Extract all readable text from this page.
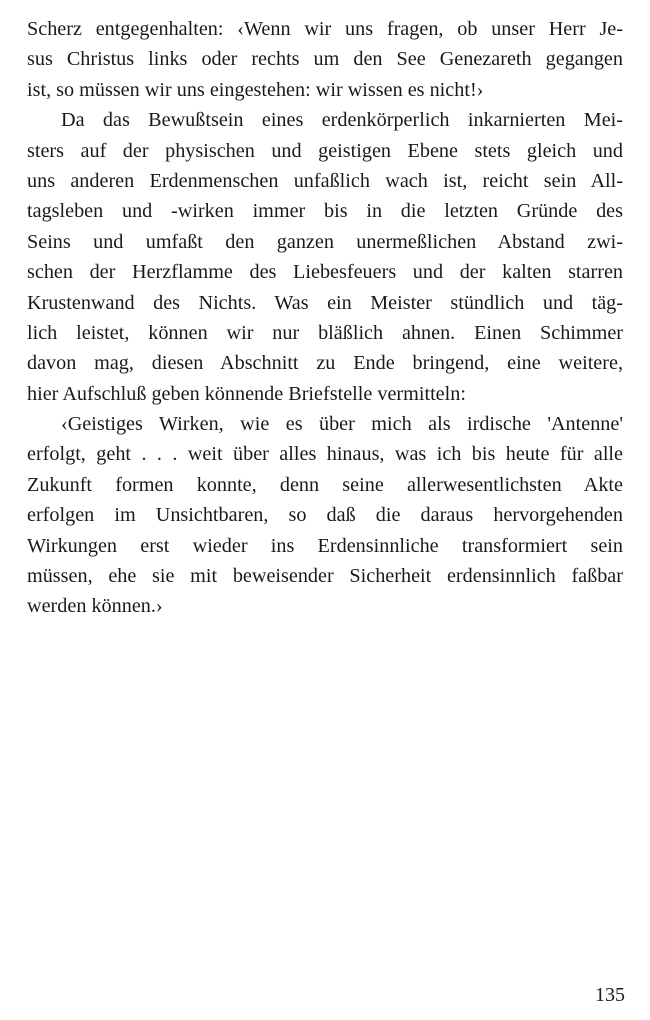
Scherz entgegenhalten: ‹Wenn wir uns fragen, ob unser Herr Je-
sus Christus links oder rechts um den See Genezareth gegangen
ist, so müssen wir uns eingestehen: wir wissen es nicht!›
Da das Bewußtsein eines erdenkörperlich inkarnierten Mei-
sters auf der physischen und geistigen Ebene stets gleich und
uns anderen Erdenmenschen unfaßlich wach ist, reicht sein All-
tagsleben und -wirken immer bis in die letzten Gründe des
Seins und umfaßt den ganzen unermeßlichen Abstand zwi-
schen der Herzflamme des Liebesfeuers und der kalten starren
Krustenwand des Nichts. Was ein Meister stündlich und täg-
lich leistet, können wir nur bläßlich ahnen. Einen Schimmer
davon mag, diesen Abschnitt zu Ende bringend, eine weitere,
hier Aufschluß geben könnende Briefstelle vermitteln:
‹Geistiges Wirken, wie es über mich als irdische 'Antenne'
erfolgt, geht . . . weit über alles hinaus, was ich bis heute für alle
Zukunft formen konnte, denn seine allerwesentlichsten Akte
erfolgen im Unsichtbaren, so daß die daraus hervorgehenden
Wirkungen erst wieder ins Erdensinnliche transformiert sein
müssen, ehe sie mit beweisender Sicherheit erdensinnlich faßbar
werden können.›
135
